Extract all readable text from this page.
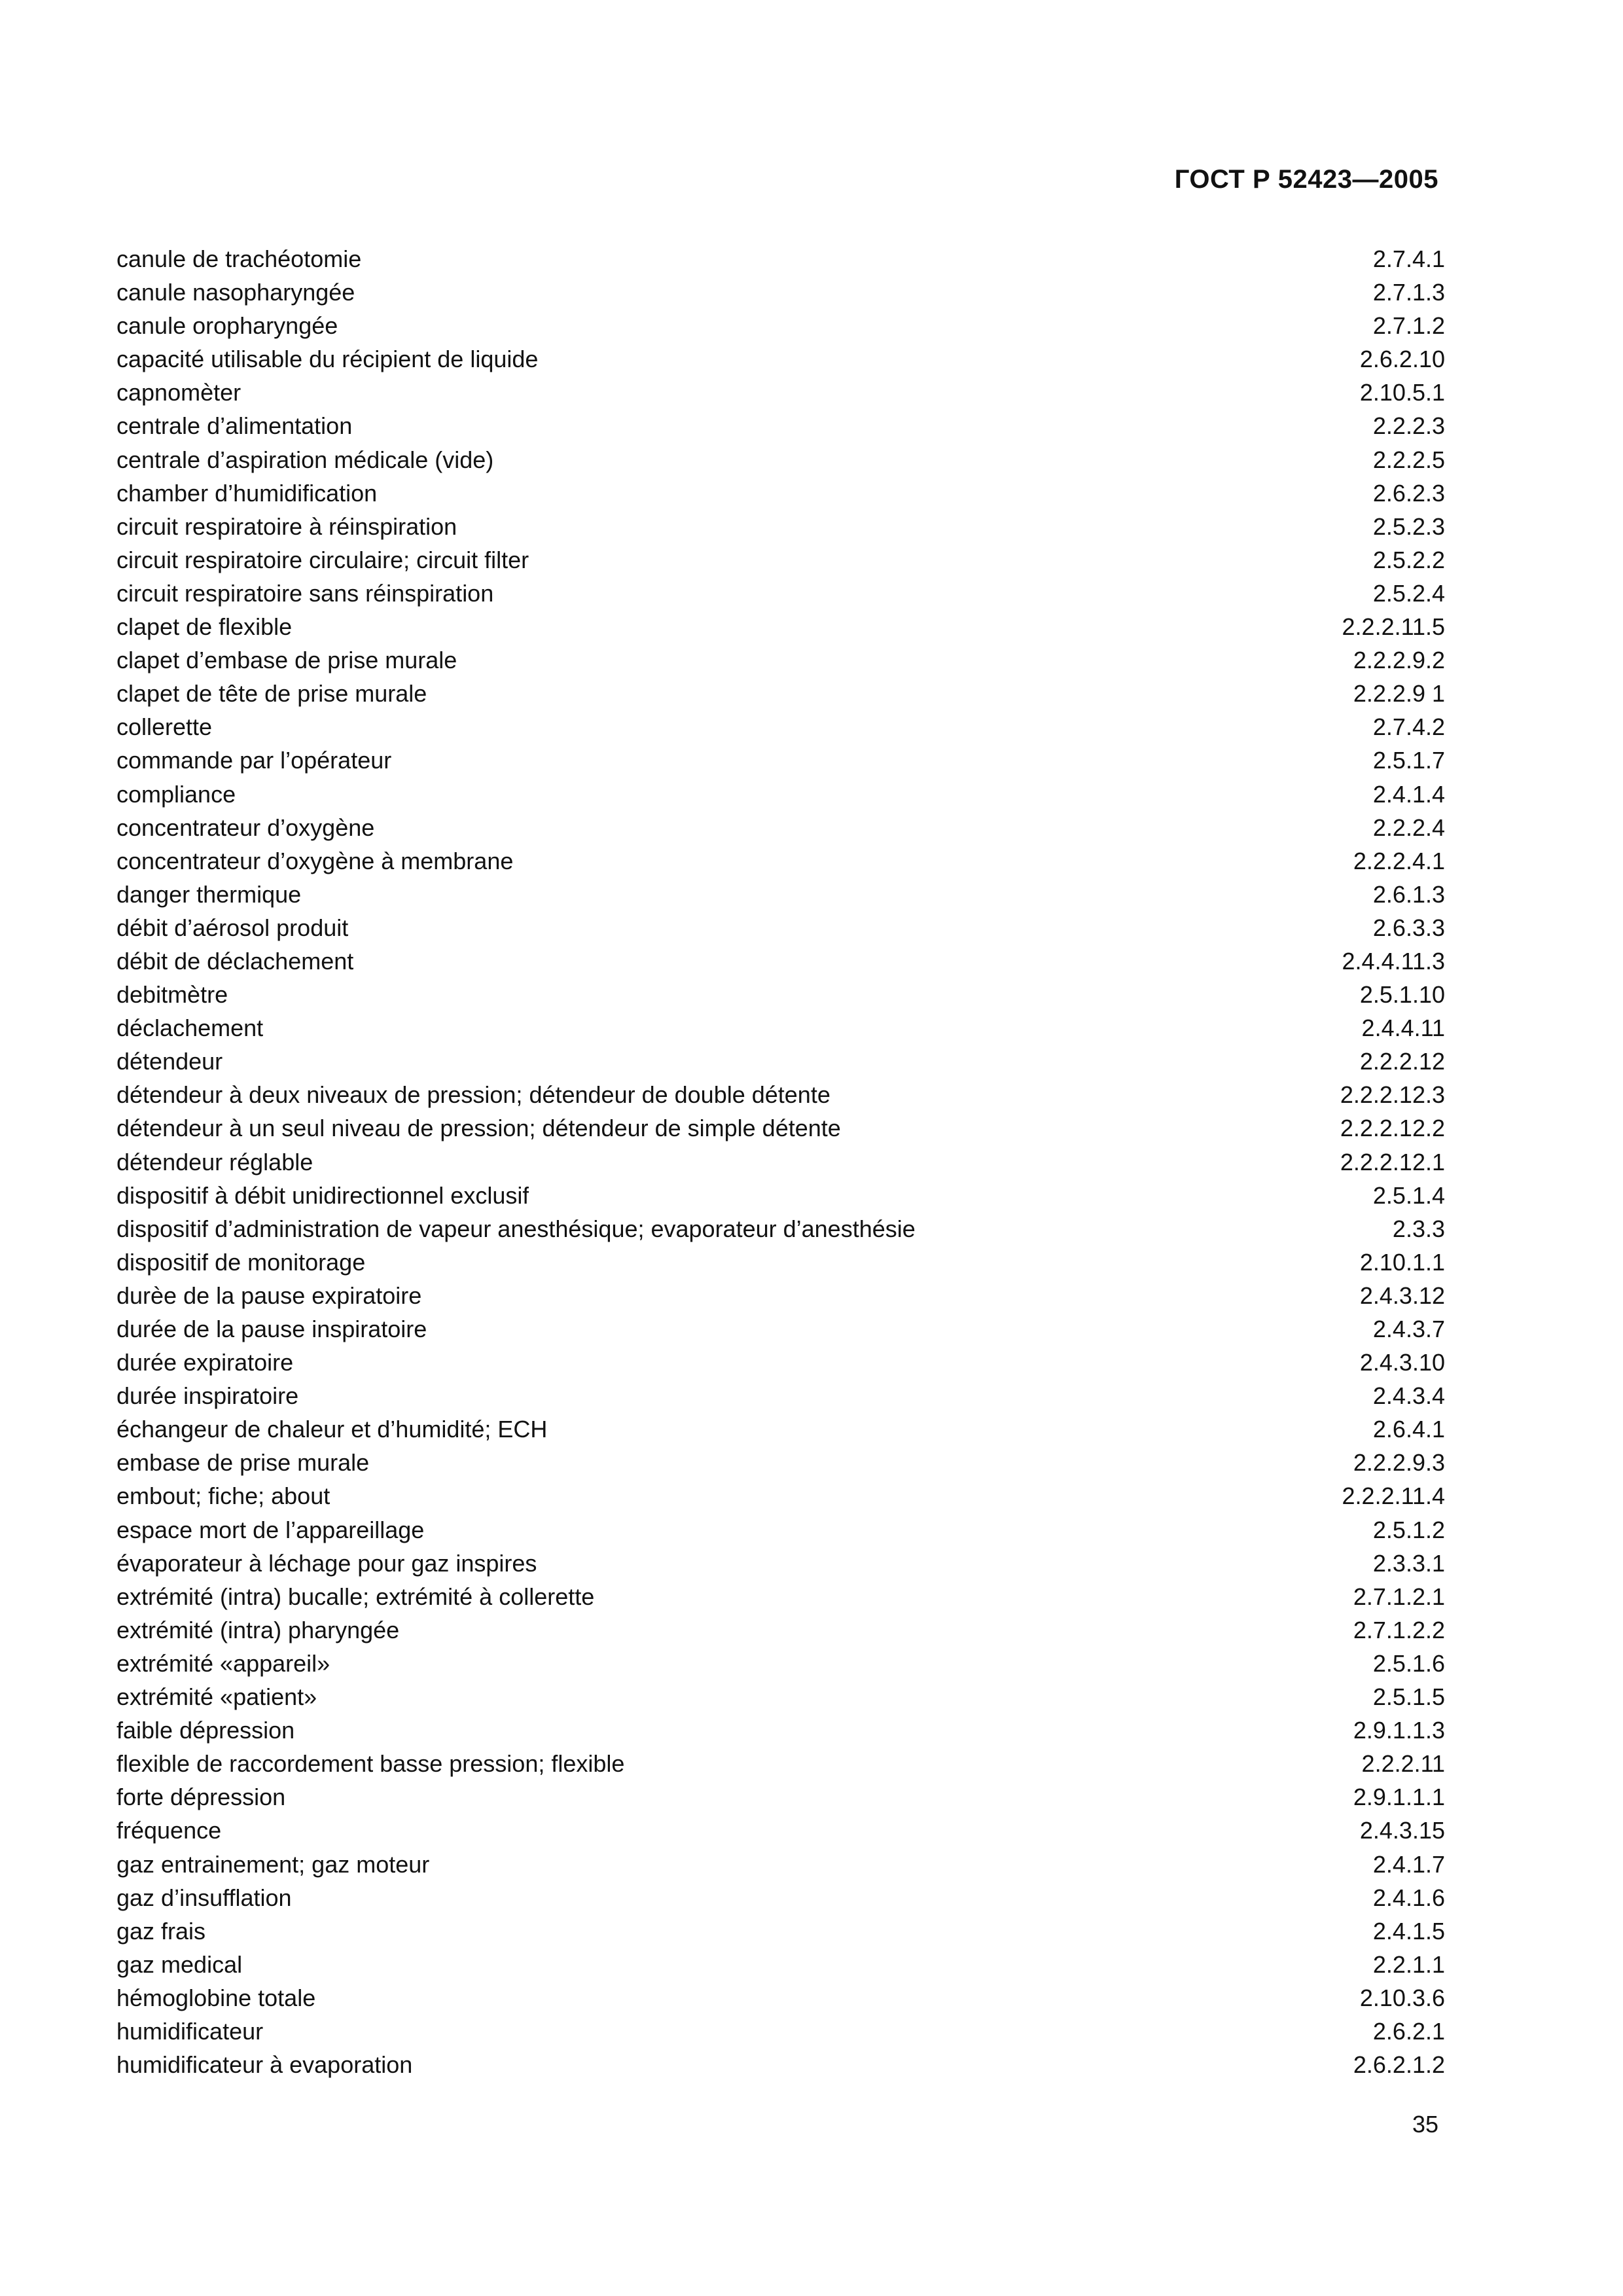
ГОСТ Р 52423—2005
canule de trachéotomie	2.7.4.1
canule nasopharyngée	2.7.1.3
canule oropharyngée	2.7.1.2
capacité utilisable du récipient de liquide	2.6.2.10
capnomèter	2.10.5.1
centrale d’alimentation	2.2.2.3
centrale d’aspiration médicale (vide)	2.2.2.5
chamber d’humidification	2.6.2.3
circuit respiratoire à réinspiration	2.5.2.3
circuit respiratoire circulaire; circuit filter	2.5.2.2
circuit respiratoire sans réinspiration	2.5.2.4
clapet de flexible	2.2.2.11.5
clapet d’embase de prise murale	2.2.2.9.2
clapet de tête de prise murale	2.2.2.9 1
collerette	2.7.4.2
commande par l’opérateur	2.5.1.7
compliance	2.4.1.4
concentrateur d’oxygène	2.2.2.4
concentrateur d’oxygène à membrane	2.2.2.4.1
danger thermique	2.6.1.3
débit d’aérosol produit	2.6.3.3
débit de déclachement	2.4.4.11.3
debitmètre	2.5.1.10
déclachement	2.4.4.11
détendeur	2.2.2.12
détendeur à deux niveaux de pression; détendeur de double détente	2.2.2.12.3
détendeur à un seul niveau de pression; détendeur de simple détente	2.2.2.12.2
détendeur réglable	2.2.2.12.1
dispositif à débit unidirectionnel exclusif	2.5.1.4
dispositif d’administration de vapeur anesthésique; evaporateur d’anesthésie	2.3.3
dispositif de monitorage	2.10.1.1
durèe de la pause expiratoire	2.4.3.12
durée de la pause inspiratoire	2.4.3.7
durée expiratoire	2.4.3.10
durée inspiratoire	2.4.3.4
échangeur de chaleur et d’humidité; ECH	2.6.4.1
embase de prise murale	2.2.2.9.3
embout; fiche; about	2.2.2.11.4
espace mort de l’appareillage	2.5.1.2
évaporateur à léchage pour gaz inspires	2.3.3.1
extrémité (intra) bucalle; extrémité à collerette	2.7.1.2.1
extrémité (intra) pharyngée	2.7.1.2.2
extrémité «appareil»	2.5.1.6
extrémité «patient»	2.5.1.5
faible dépression	2.9.1.1.3
flexible de raccordement basse pression; flexible	2.2.2.11
forte dépression	2.9.1.1.1
fréquence	2.4.3.15
gaz entrainement; gaz moteur	2.4.1.7
gaz d’insufflation	2.4.1.6
gaz frais	2.4.1.5
gaz medical	2.2.1.1
hémoglobine totale	2.10.3.6
humidificateur	2.6.2.1
humidificateur à evaporation	2.6.2.1.2
35
